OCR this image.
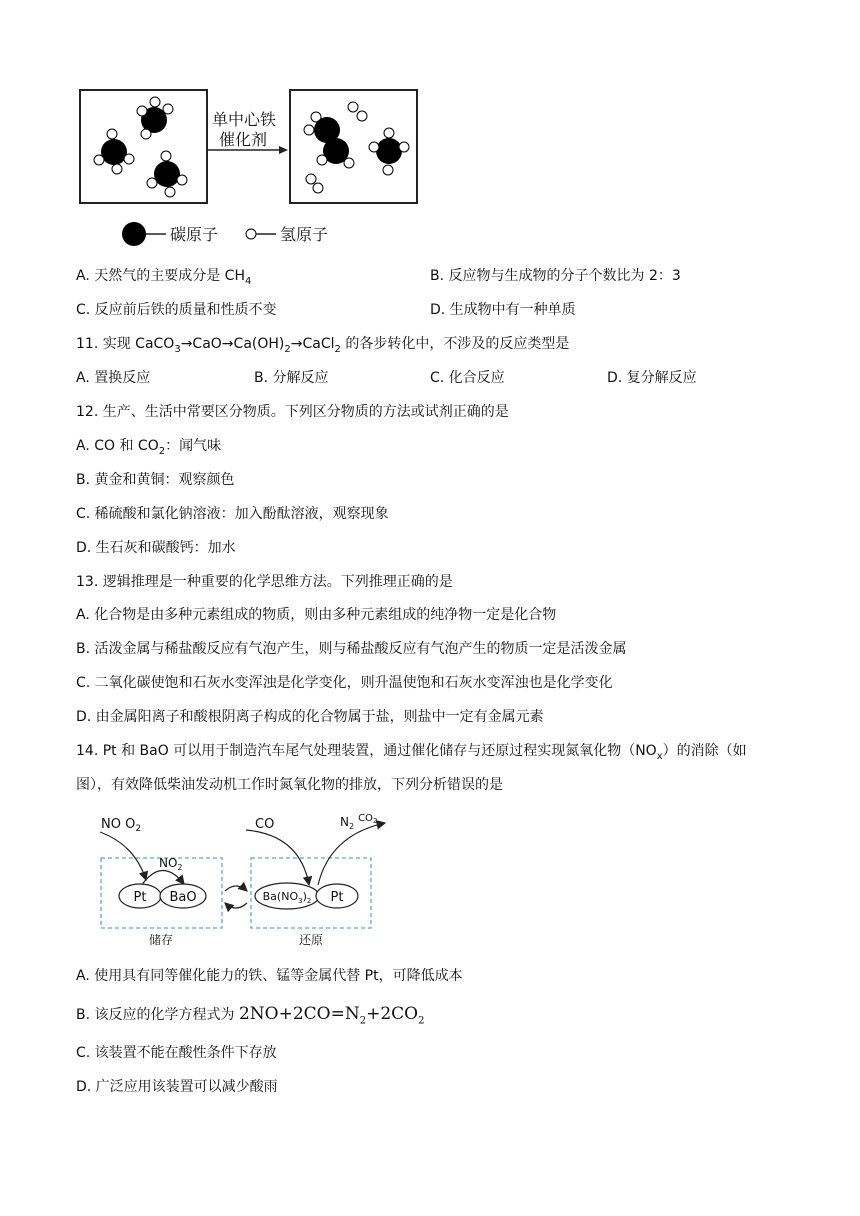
单中心铁
催化剂
碳原子	氢原子
A. 天然气的主要成分是 $CH_4$	B. 反应物与生成物的分子个数比为 2：3
C. 反应前后铁的质量和性质不变	D. 生成物中有一种单质
11. 实现 $CaCO_3\to CaO\to Ca(OH)_2\to CaCl_2$ 的各步转化中，不涉及的反应类型是
A. 置换反应	B. 分解反应	C. 化合反应	D. 复分解反应
12. 生产、生活中常要区分物质。下列区分物质的方法或试剂正确的是
A. CO 和 $CO_2$：闻气味
B. 黄金和黄铜：观察颜色
C. 稀硫酸和氯化钠溶液：加入酚酞溶液，观察现象
D. 生石灰和碳酸钙：加水
13. 逻辑推理是一种重要的化学思维方法。下列推理正确的是
A. 化合物是由多种元素组成的物质，则由多种元素组成的纯净物一定是化合物
B. 活泼金属与稀盐酸反应有气泡产生，则与稀盐酸反应有气泡产生的物质一定是活泼金属
C. 二氧化碳使饱和石灰水变浑浊是化学变化，则升温使饱和石灰水变浑浊也是化学变化
D. 由金属阳离子和酸根阴离子构成的化合物属于盐，则盐中一定有金属元素
14. Pt 和 BaO 可以用于制造汽车尾气处理装置，通过催化储存与还原过程实现氮氧化物$(NO_x)$的消除（如
图），有效降低柴油发动机工作时氮氧化物的排放，下列分析错误的是
NO $O_2$
$NO_2$
Pt BaO
CO	$N_2^{CO}2$
$Ba(NO_3)_2$ Pt
储存	还原
A. 使用具有同等催化能力的铁、锰等金属代替 Pt，可降低成本
B. 该反应的化学方程式为 $2NO+2CO=N_2+2CO_2$
C. 该装置不能在酸性条件下存放
D. 广泛应用该装置可以减少酸雨
